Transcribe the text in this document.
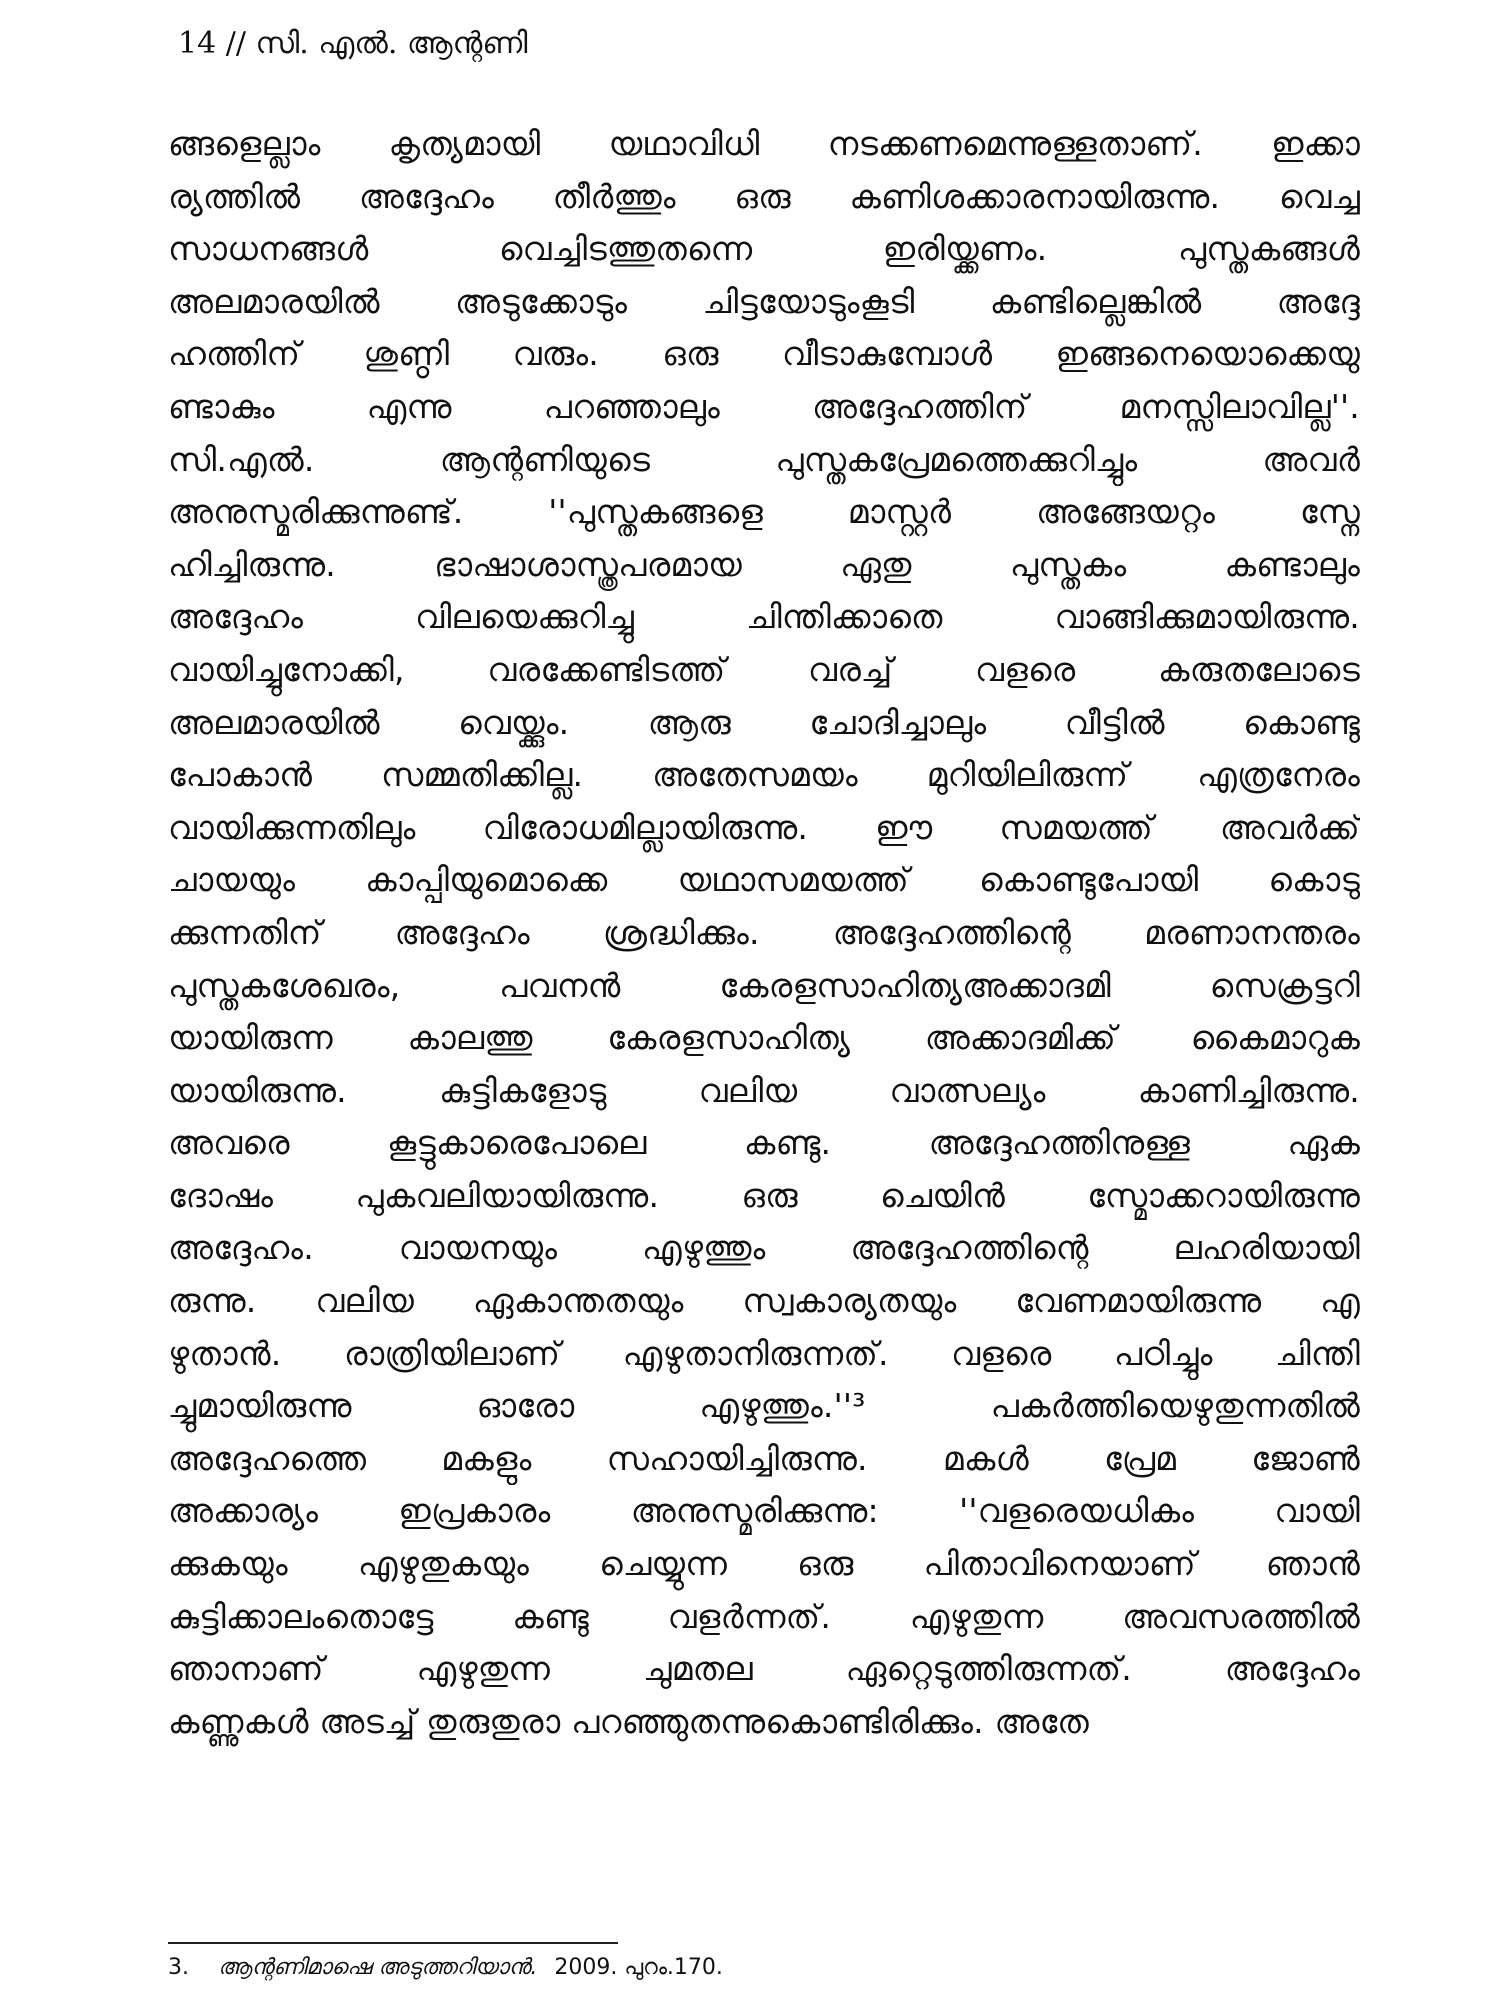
14 // സി. എൽ. ആന്റണി
ങ്ങളെല്ലാം കൃത്യമായി യഥാവിധി നടക്കണമെന്നുള്ളതാണ്. ഇക്കാ
ര്യത്തിൽ അദ്ദേഹം തീർത്തും ഒരു കണിശക്കാരനായിരുന്നു. വെച്ച
സാധനങ്ങൾ വെച്ചിടത്തുതന്നെ ഇരിയ്ക്കണം. പുസ്തകങ്ങൾ
അലമാരയിൽ അടുക്കോടും ചിട്ടയോടുംകൂടി കണ്ടില്ലെങ്കിൽ അദ്ദേ
ഹത്തിന് ശുണ്ഠി വരും. ഒരു വീടാകുമ്പോൾ ഇങ്ങനെയൊക്കെയു
ണ്ടാകും എന്നു പറഞ്ഞാലും അദ്ദേഹത്തിന് മനസ്സിലാവില്ല''.
സി.എൽ. ആന്റണിയുടെ പുസ്തകപ്രേമത്തെക്കുറിച്ചും അവർ
അനുസ്മരിക്കുന്നുണ്ട്. ''പുസ്തകങ്ങളെ മാസ്റ്റർ അങ്ങേയറ്റം സ്നേ
ഹിച്ചിരുന്നു. ഭാഷാശാസ്ത്രപരമായ ഏതു പുസ്തകം കണ്ടാലും
അദ്ദേഹം വിലയെക്കുറിച്ചു ചിന്തിക്കാതെ വാങ്ങിക്കുമായിരുന്നു.
വായിച്ചുനോക്കി, വരക്കേണ്ടിടത്ത് വരച്ച് വളരെ കരുതലോടെ
അലമാരയിൽ വെയ്ക്കും. ആരു ചോദിച്ചാലും വീട്ടിൽ കൊണ്ടു
പോകാൻ സമ്മതിക്കില്ല. അതേസമയം മുറിയിലിരുന്ന് എത്രനേരം
വായിക്കുന്നതിലും വിരോധമില്ലായിരുന്നു. ഈ സമയത്ത് അവർക്ക്
ചായയും കാപ്പിയുമൊക്കെ യഥാസമയത്ത് കൊണ്ടുപോയി കൊടു
ക്കുന്നതിന് അദ്ദേഹം ശ്രദ്ധിക്കും. അദ്ദേഹത്തിന്റെ മരണാനന്തരം
പുസ്തകശേഖരം, പവനൻ കേരളസാഹിത്യഅക്കാദമി സെക്രട്ടറി
യായിരുന്ന കാലത്തു കേരളസാഹിത്യ അക്കാദമിക്ക് കൈമാറുക
യായിരുന്നു. കുട്ടികളോടു വലിയ വാത്സല്യം കാണിച്ചിരുന്നു.
അവരെ കൂട്ടുകാരെപോലെ കണ്ടു. അദ്ദേഹത്തിനുള്ള ഏക
ദോഷം പുകവലിയായിരുന്നു. ഒരു ചെയിൻ സ്മോക്കറായിരുന്നു
അദ്ദേഹം. വായനയും എഴുത്തും അദ്ദേഹത്തിന്റെ ലഹരിയായി
രുന്നു. വലിയ ഏകാന്തതയും സ്വകാര്യതയും വേണമായിരുന്നു എ
ഴുതാൻ. രാത്രിയിലാണ് എഴുതാനിരുന്നത്. വളരെ പഠിച്ചും ചിന്തി
ച്ചുമായിരുന്നു ഓരോ എഴുത്തും.''³ പകർത്തിയെഴുതുന്നതിൽ
അദ്ദേഹത്തെ മകളും സഹായിച്ചിരുന്നു. മകൾ പ്രേമ ജോൺ
അക്കാര്യം ഇപ്രകാരം അനുസ്മരിക്കുന്നു: ''വളരെയധികം വായി
ക്കുകയും എഴുതുകയും ചെയ്യുന്ന ഒരു പിതാവിനെയാണ് ഞാൻ
കുട്ടിക്കാലംതൊട്ടേ കണ്ടു വളർന്നത്. എഴുതുന്ന അവസരത്തിൽ
ഞാനാണ് എഴുതുന്ന ചുമതല ഏറ്റെടുത്തിരുന്നത്. അദ്ദേഹം
കണ്ണുകൾ അടച്ച് തുരുതുരാ പറഞ്ഞുതന്നുകൊണ്ടിരിക്കും. അതേ
3. ആന്റണിമാഷെ അടുത്തറിയാൻ. 2009. പുറം.170.
